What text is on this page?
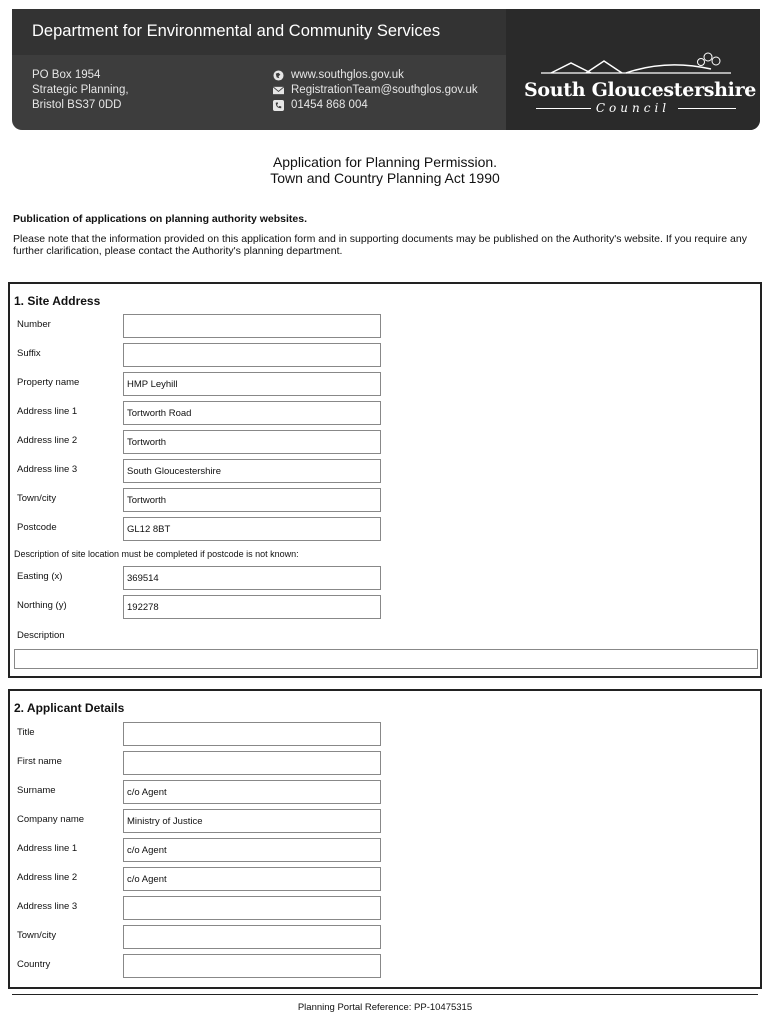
Department for Environmental and Community Services
PO Box 1954
Strategic Planning,
Bristol BS37 0DD
www.southglos.gov.uk
RegistrationTeam@southglos.gov.uk
01454 868 004
South Gloucestershire
Council
Application for Planning Permission.
Town and Country Planning Act 1990
Publication of applications on planning authority websites.
Please note that the information provided on this application form and in supporting documents may be published on the Authority's website. If you require any further clarification, please contact the Authority's planning department.
1. Site Address
Number
Suffix
Property name	HMP Leyhill
Address line 1	Tortworth Road
Address line 2	Tortworth
Address line 3	South Gloucestershire
Town/city	Tortworth
Postcode	GL12 8BT
Description of site location must be completed if postcode is not known:
Easting (x)	369514
Northing (y)	192278
Description
2. Applicant Details
Title
First name
Surname	c/o Agent
Company name	Ministry of Justice
Address line 1	c/o Agent
Address line 2	c/o Agent
Address line 3
Town/city
Country
Planning Portal Reference: PP-10475315
